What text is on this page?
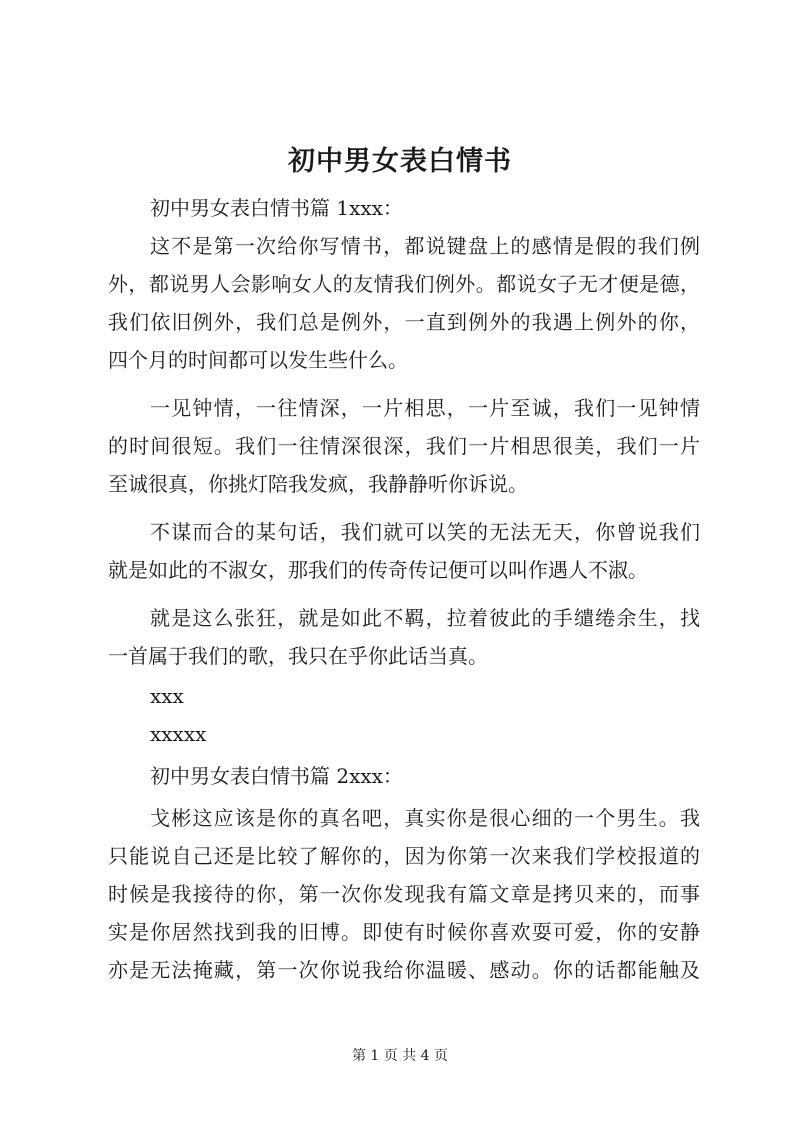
初中男女表白情书
初中男女表白情书篇 1xxx：
这不是第一次给你写情书，都说键盘上的感情是假的我们例
外，都说男人会影响女人的友情我们例外。都说女子无才便是德，
我们依旧例外，我们总是例外，一直到例外的我遇上例外的你，
四个月的时间都可以发生些什么。
一见钟情，一往情深，一片相思，一片至诚，我们一见钟情
的时间很短。我们一往情深很深，我们一片相思很美，我们一片
至诚很真，你挑灯陪我发疯，我静静听你诉说。
不谋而合的某句话，我们就可以笑的无法无天，你曾说我们
就是如此的不淑女，那我们的传奇传记便可以叫作遇人不淑。
就是这么张狂，就是如此不羁，拉着彼此的手缱绻余生，找
一首属于我们的歌，我只在乎你此话当真。
xxx
xxxxx
初中男女表白情书篇 2xxx：
戈彬这应该是你的真名吧，真实你是很心细的一个男生。我
只能说自己还是比较了解你的，因为你第一次来我们学校报道的
时候是我接待的你，第一次你发现我有篇文章是拷贝来的，而事
实是你居然找到我的旧博。即使有时候你喜欢耍可爱，你的安静
亦是无法掩藏，第一次你说我给你温暖、感动。你的话都能触及
第 1 页 共 4 页
